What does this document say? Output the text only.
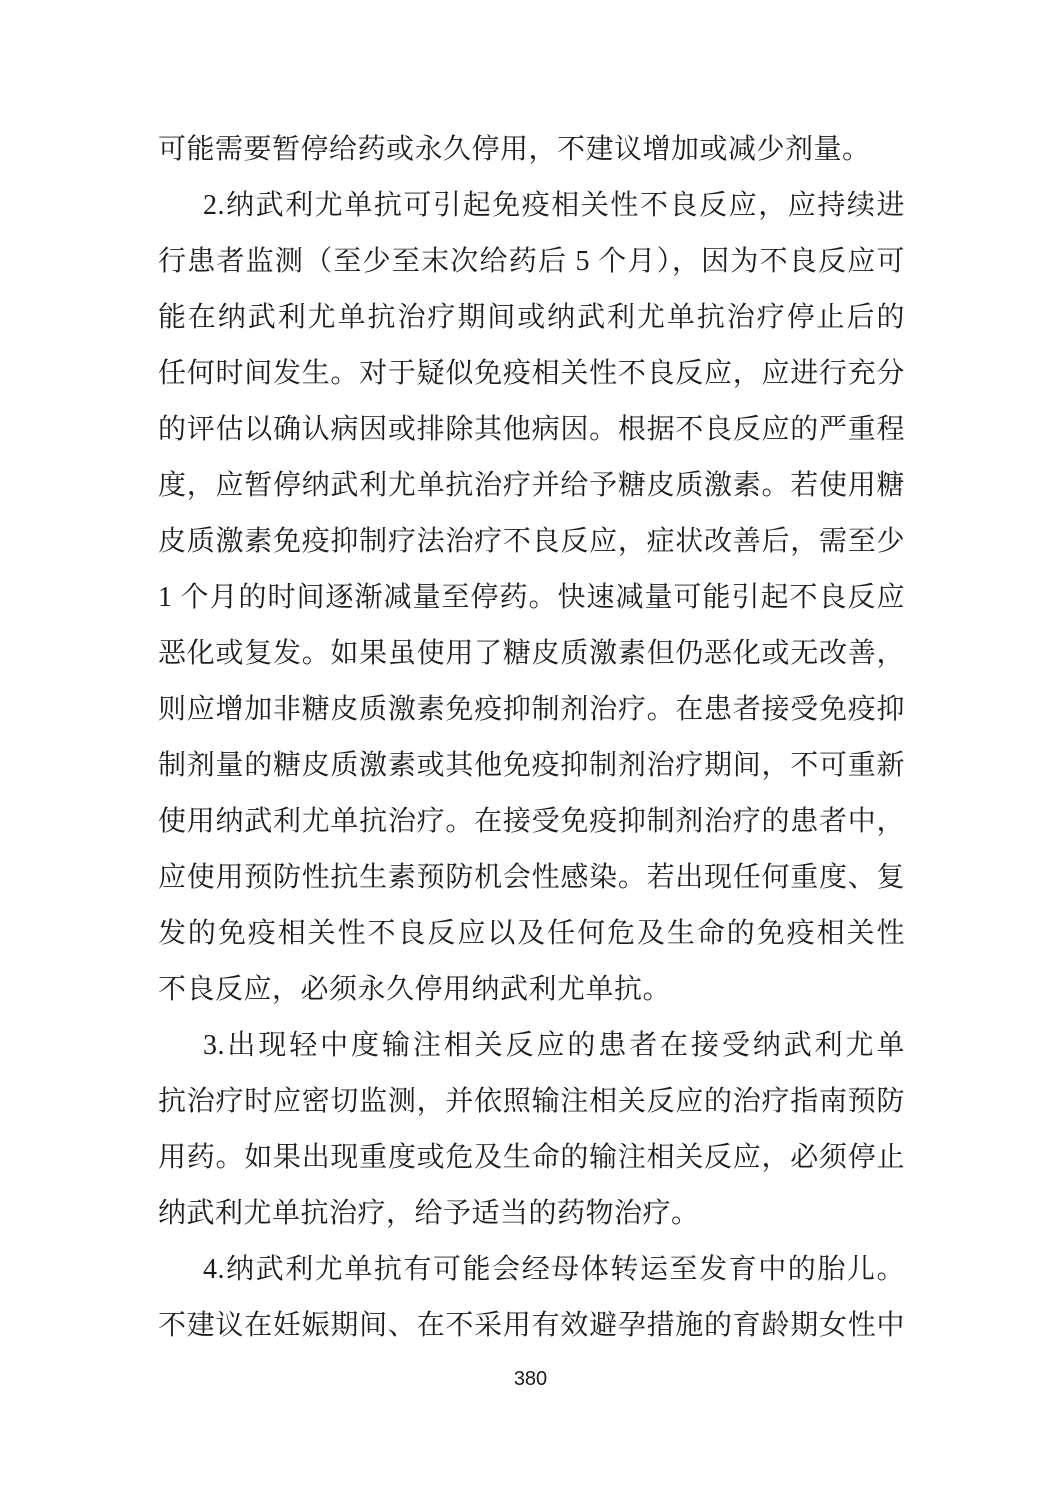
可能需要暂停给药或永久停用，不建议增加或减少剂量。
2.纳武利尤单抗可引起免疫相关性不良反应，应持续进
行患者监测（至少至末次给药后 5 个月），因为不良反应可
能在纳武利尤单抗治疗期间或纳武利尤单抗治疗停止后的
任何时间发生。对于疑似免疫相关性不良反应，应进行充分
的评估以确认病因或排除其他病因。根据不良反应的严重程
度，应暂停纳武利尤单抗治疗并给予糖皮质激素。若使用糖
皮质激素免疫抑制疗法治疗不良反应，症状改善后，需至少
1 个月的时间逐渐减量至停药。快速减量可能引起不良反应
恶化或复发。如果虽使用了糖皮质激素但仍恶化或无改善，
则应增加非糖皮质激素免疫抑制剂治疗。在患者接受免疫抑
制剂量的糖皮质激素或其他免疫抑制剂治疗期间，不可重新
使用纳武利尤单抗治疗。在接受免疫抑制剂治疗的患者中，
应使用预防性抗生素预防机会性感染。若出现任何重度、复
发的免疫相关性不良反应以及任何危及生命的免疫相关性
不良反应，必须永久停用纳武利尤单抗。
3.出现轻中度输注相关反应的患者在接受纳武利尤单
抗治疗时应密切监测，并依照输注相关反应的治疗指南预防
用药。如果出现重度或危及生命的输注相关反应，必须停止
纳武利尤单抗治疗，给予适当的药物治疗。
4.纳武利尤单抗有可能会经母体转运至发育中的胎儿。
不建议在妊娠期间、在不采用有效避孕措施的育龄期女性中
380
